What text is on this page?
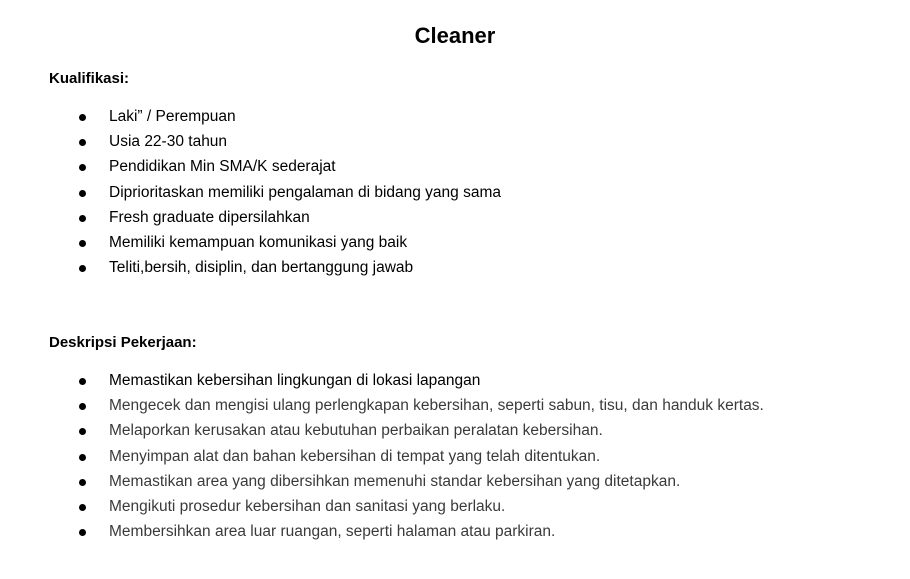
Cleaner
Kualifikasi:
Laki” / Perempuan
Usia 22-30 tahun
Pendidikan Min SMA/K sederajat
Diprioritaskan memiliki pengalaman di bidang yang sama
Fresh graduate dipersilahkan
Memiliki kemampuan komunikasi yang baik
Teliti,bersih, disiplin, dan bertanggung jawab
Deskripsi Pekerjaan:
Memastikan kebersihan lingkungan di lokasi lapangan
Mengecek dan mengisi ulang perlengkapan kebersihan, seperti sabun, tisu, dan handuk kertas.
Melaporkan kerusakan atau kebutuhan perbaikan peralatan kebersihan.
Menyimpan alat dan bahan kebersihan di tempat yang telah ditentukan.
Memastikan area yang dibersihkan memenuhi standar kebersihan yang ditetapkan.
Mengikuti prosedur kebersihan dan sanitasi yang berlaku.
Membersihkan area luar ruangan, seperti halaman atau parkiran.
